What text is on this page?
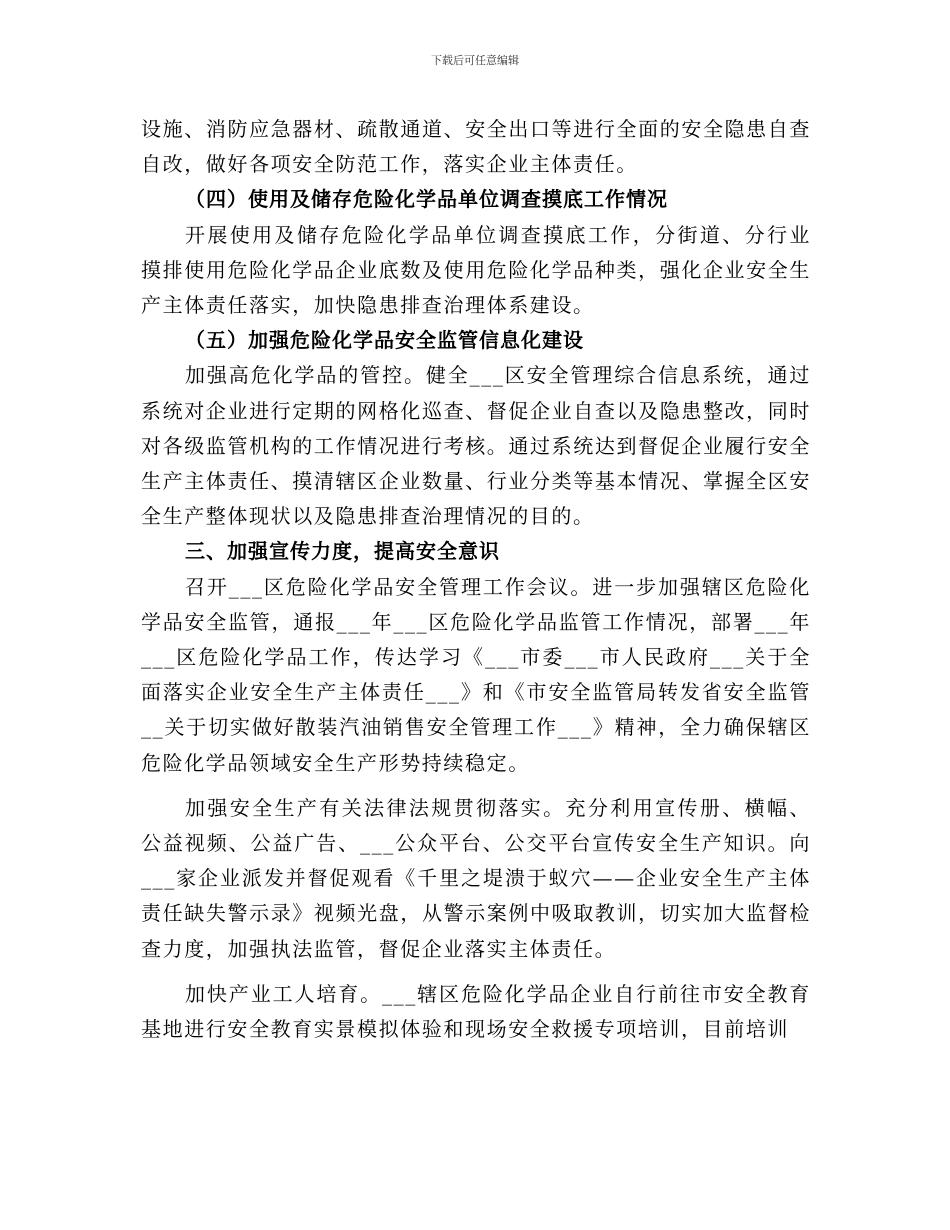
下载后可任意编辑

设施、消防应急器材、疏散通道、安全出口等进行全面的安全隐患自查自改，做好各项安全防范工作，落实企业主体责任。

（四）使用及储存危险化学品单位调查摸底工作情况

开展使用及储存危险化学品单位调查摸底工作，分街道、分行业摸排使用危险化学品企业底数及使用危险化学品种类，强化企业安全生产主体责任落实，加快隐患排查治理体系建设。

（五）加强危险化学品安全监管信息化建设

加强高危化学品的管控。健全___区安全管理综合信息系统，通过系统对企业进行定期的网格化巡查、督促企业自查以及隐患整改，同时对各级监管机构的工作情况进行考核。通过系统达到督促企业履行安全生产主体责任、摸清辖区企业数量、行业分类等基本情况、掌握全区安全生产整体现状以及隐患排查治理情况的目的。

三、加强宣传力度，提高安全意识

召开___区危险化学品安全管理工作会议。进一步加强辖区危险化学品安全监管，通报___年___区危险化学品监管工作情况，部署___年___区危险化学品工作，传达学习《___市委___市人民政府___关于全面落实企业安全生产主体责任___》和《市安全监管局转发省安全监管__关于切实做好散装汽油销售安全管理工作___》精神，全力确保辖区危险化学品领域安全生产形势持续稳定。

加强安全生产有关法律法规贯彻落实。充分利用宣传册、横幅、公益视频、公益广告、___公众平台、公交平台宣传安全生产知识。向___家企业派发并督促观看《千里之堤溃于蚁穴——企业安全生产主体责任缺失警示录》视频光盘，从警示案例中吸取教训，切实加大监督检查力度，加强执法监管，督促企业落实主体责任。

加快产业工人培育。___辖区危险化学品企业自行前往市安全教育基地进行安全教育实景模拟体验和现场安全救援专项培训，目前培训
